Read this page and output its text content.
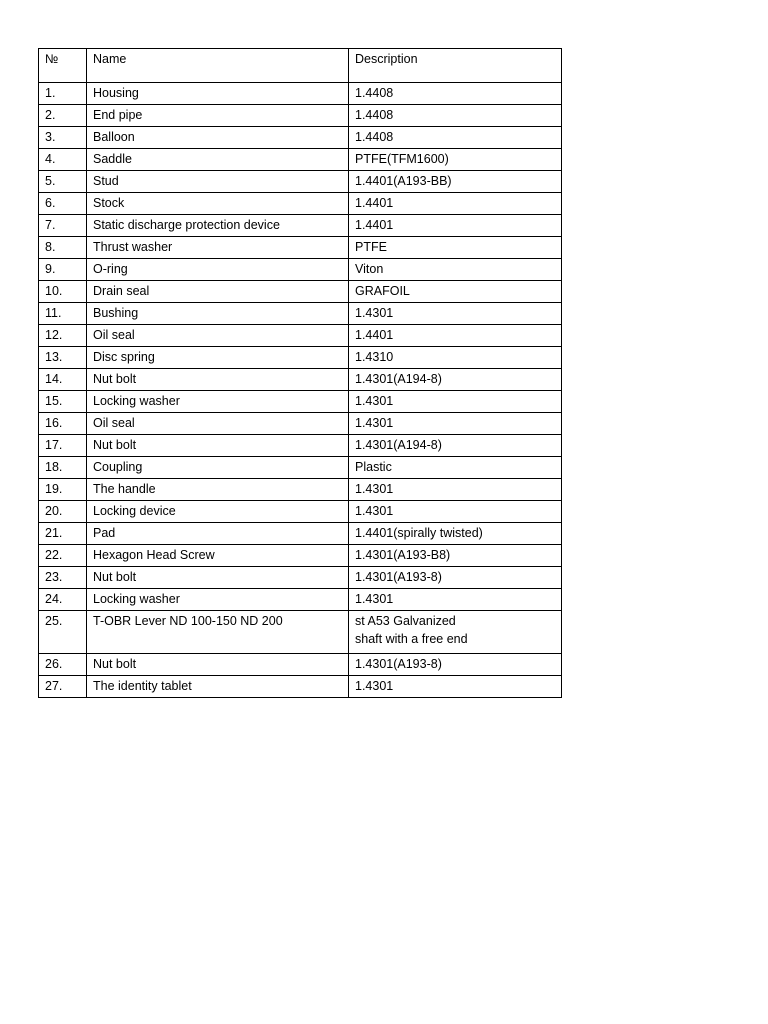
№	Name	Description
1.	Housing	1.4408

2.	End pipe	1.4408

3.	Balloon	1.4408

4.	Saddle	PTFE(TFM1600)

5.	Stud	1.4401(A193-BB)

6.	Stock	1.4401

7.	Static discharge protection device	1.4401

8.	Thrust washer	PTFE

9.	O-ring	Viton

10.	Drain seal	GRAFOIL

11.	Bushing	1.4301

12.	Oil seal	1.4401

13.	Disc spring	1.4310

14.	Nut bolt	1.4301(A194-8)

15.	Locking washer	1.4301

16.	Oil seal	1.4301

17.	Nut bolt	1.4301(A194-8)

18.	Coupling	Plastic

19.	The handle	1.4301

20.	Locking device	1.4301

21.	Pad	1.4401(spirally twisted)

22.	Hexagon Head Screw	1.4301(A193-B8)

23.	Nut bolt	1.4301(A193-8)

24.	Locking washer	1.4301

25.	T-OBR Lever ND 100-150 ND 200	st A53 Galvanized
shaft with a free end

26.	Nut bolt	1.4301(A193-8)

27.	The identity tablet	1.4301
